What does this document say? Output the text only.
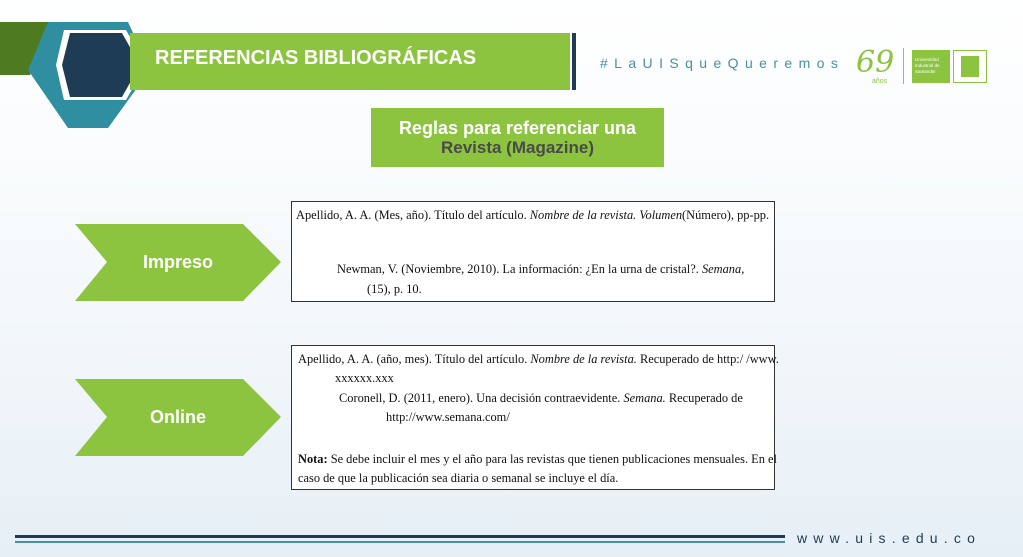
REFERENCIAS BIBLIOGRÁFICAS	#LaUISqueQueremos 69
años
Universidad Industrial de Santander
Reglas para referenciar una
Revista (Magazine)
Impreso

Apellido, A. A. (Mes, año). Título del artículo. Nombre de la revista. Volumen(Número), pp-pp.

Newman, V. (Noviembre, 2010). La información: ¿En la urna de cristal?. Semana,

(15), p. 10.

Online

Apellido, A. A. (año, mes). Título del artículo. Nombre de la revista. Recuperado de http:/ /www.

xxxxxx.xxx

Coronell, D. (2011, enero). Una decisión contraevidente. Semana. Recuperado de

http://www.semana.com/

Nota: Se debe incluir el mes y el año para las revistas que tienen publicaciones mensuales. En el

caso de que la publicación sea diaria o semanal se incluye el día.

www.uis.edu.co
